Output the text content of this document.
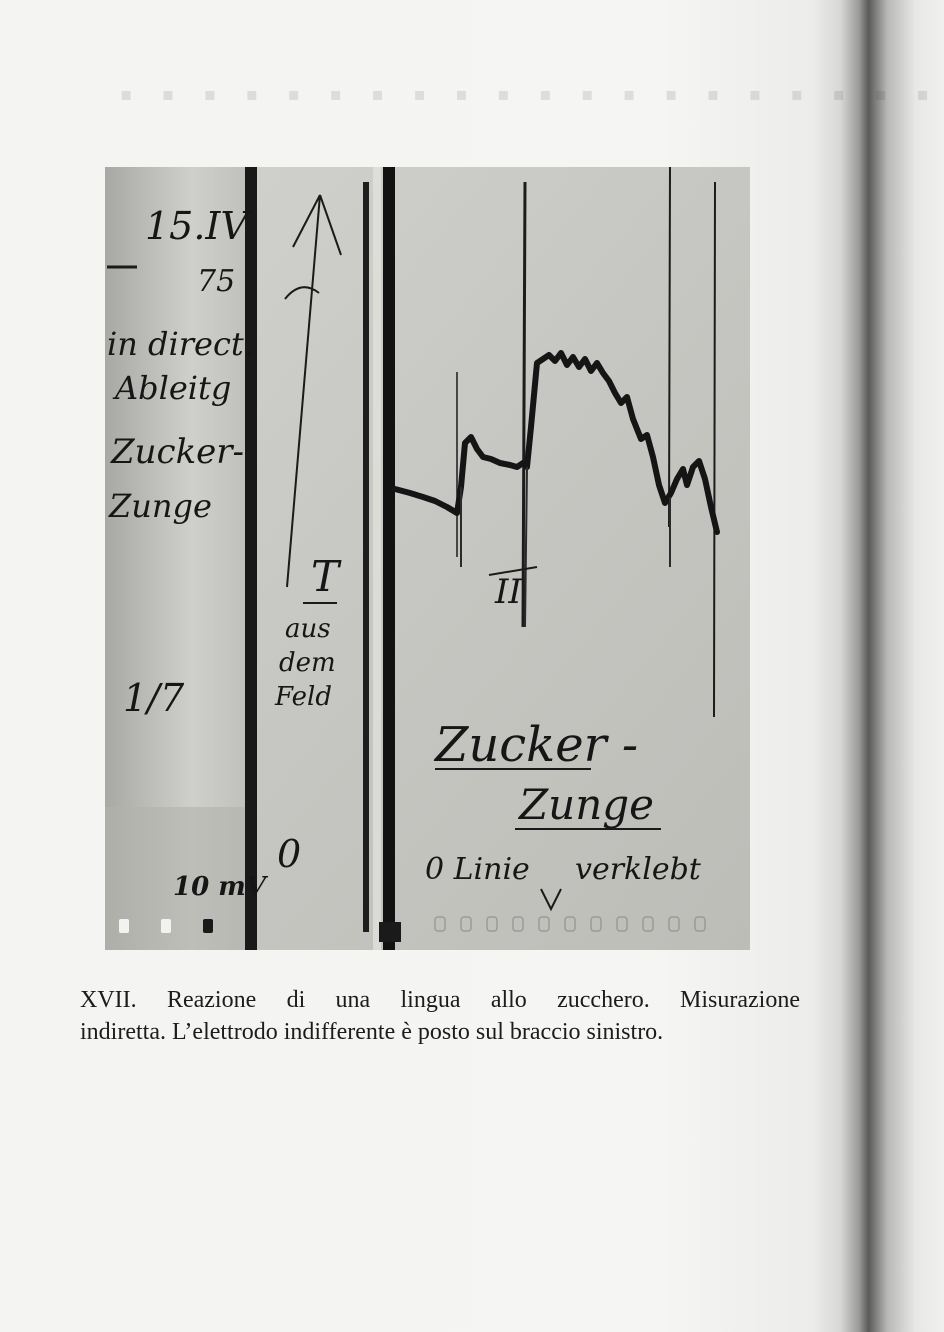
▪ ▪ ▪ ▪ ▪ ▪ ▪ ▪ ▪ ▪ ▪ ▪ ▪ ▪ ▪ ▪ ▪ ▪ ▪ ▪
15.IV
75
in direct.
Ableitg
Zucker-
Zunge
1/7
10 mV
0
T
aus
dem
Feld
II
Zucker -
Zunge
0 Linie verklebt
XVII. Reazione di una lingua allo zucchero. Misurazione
indiretta. L’elettrodo indifferente è posto sul braccio sinistro.
